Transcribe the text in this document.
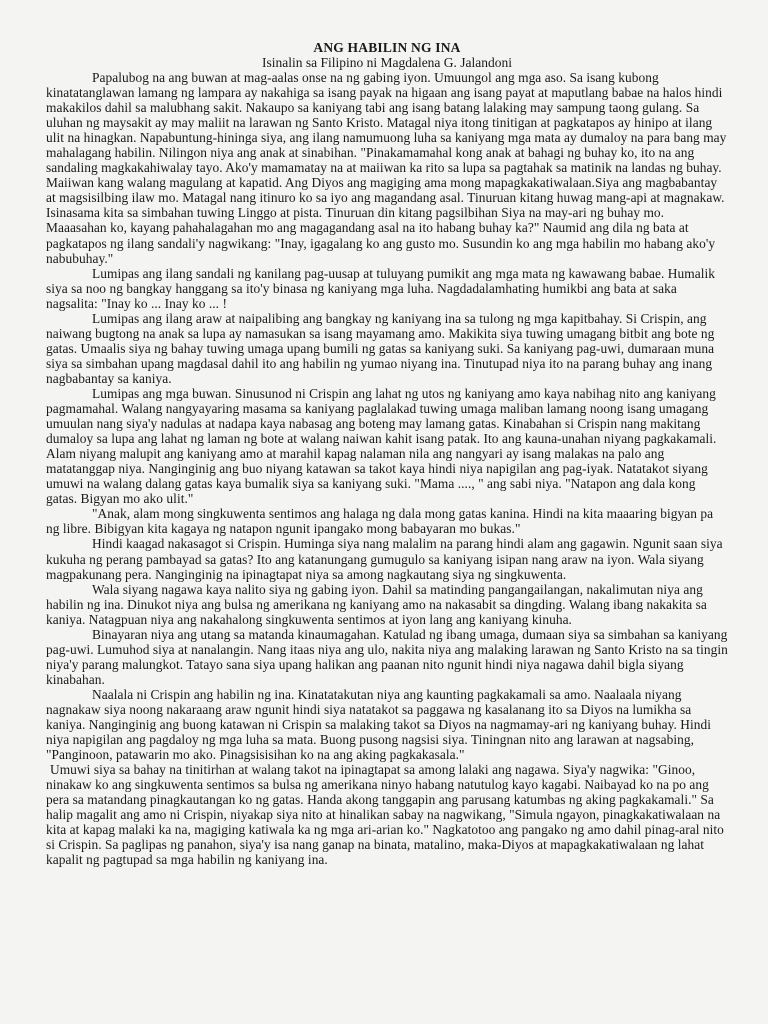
ANG HABILIN NG INA
Isinalin sa Filipino ni Magdalena G. Jalandoni

Papalubog na ang buwan at mag-aalas onse na ng gabing iyon. Umuungol ang mga aso. Sa isang kubong kinatatanglawan lamang ng lampara ay nakahiga sa isang payak na higaan ang isang payat at maputlang babae na halos hindi makakilos dahil sa malubhang sakit. Nakaupo sa kaniyang tabi ang isang batang lalaking may sampung taong gulang. Sa uluhan ng maysakit ay may maliit na larawan ng Santo Kristo. Matagal niya itong tinitigan at pagkatapos ay hinipo at ilang ulit na hinagkan. Napabuntung-hininga siya, ang ilang namumuong luha sa kaniyang mga mata ay dumaloy na para bang may mahalagang habilin. Nilingon niya ang anak at sinabihan. "Pinakamamahal kong anak at bahagi ng buhay ko, ito na ang sandaling magkakahiwalay tayo. Ako'y mamamatay na at maiiwan ka rito sa lupa sa pagtahak sa matinik na landas ng buhay. Maiiwan kang walang magulang at kapatid. Ang Diyos ang magiging ama mong mapagkakatiwalaan.Siya ang magbabantay at magsisilbing ilaw mo. Matagal nang itinuro ko sa iyo ang magandang asal. Tinuruan kitang huwag mang-api at magnakaw. Isinasama kita sa simbahan tuwing Linggo at pista. Tinuruan din kitang pagsilbihan Siya na may-ari ng buhay mo. Maaasahan ko, kayang pahahalagahan mo ang magagandang asal na ito habang buhay ka?" Naumid ang dila ng bata at pagkatapos ng ilang sandali'y nagwikang: "Inay, igagalang ko ang gusto mo. Susundin ko ang mga habilin mo habang ako'y nabubuhay."

Lumipas ang ilang sandali ng kanilang pag-uusap at tuluyang pumikit ang mga mata ng kawawang babae. Humalik siya sa noo ng bangkay hanggang sa ito'y binasa ng kaniyang mga luha. Nagdadalamhating humikbi ang bata at saka nagsalita: "Inay ko ... Inay ko ... !

Lumipas ang ilang araw at naipalibing ang bangkay ng kaniyang ina sa tulong ng mga kapitbahay. Si Crispin, ang naiwang bugtong na anak sa lupa ay namasukan sa isang mayamang amo. Makikita siya tuwing umagang bitbit ang bote ng gatas. Umaalis siya ng bahay tuwing umaga upang bumili ng gatas sa kaniyang suki. Sa kaniyang pag-uwi, dumaraan muna siya sa simbahan upang magdasal dahil ito ang habilin ng yumao niyang ina. Tinutupad niya ito na parang buhay ang inang nagbabantay sa kaniya.

Lumipas ang mga buwan. Sinusunod ni Crispin ang lahat ng utos ng kaniyang amo kaya nabihag nito ang kaniyang pagmamahal. Walang nangyayaring masama sa kaniyang paglalakad tuwing umaga maliban lamang noong isang umagang umuulan nang siya'y nadulas at nadapa kaya nabasag ang boteng may lamang gatas. Kinabahan si Crispin nang makitang dumaloy sa lupa ang lahat ng laman ng bote at walang naiwan kahit isang patak. Ito ang kauna-unahan niyang pagkakamali. Alam niyang malupit ang kaniyang amo at marahil kapag nalaman nila ang nangyari ay isang malakas na palo ang matatanggap niya. Nanginginig ang buo niyang katawan sa takot kaya hindi niya napigilan ang pag-iyak. Natatakot siyang umuwi na walang dalang gatas kaya bumalik siya sa kaniyang suki. "Mama ...., " ang sabi niya. "Natapon ang dala kong gatas. Bigyan mo ako ulit."

"Anak, alam mong singkuwenta sentimos ang halaga ng dala mong gatas kanina. Hindi na kita maaaring bigyan pa ng libre. Bibigyan kita kagaya ng natapon ngunit ipangako mong babayaran mo bukas."

Hindi kaagad nakasagot si Crispin. Huminga siya nang malalim na parang hindi alam ang gagawin. Ngunit saan siya kukuha ng perang pambayad sa gatas? Ito ang katanungang gumugulo sa kaniyang isipan nang araw na iyon. Wala siyang magpakunang pera. Nanginginig na ipinagtapat niya sa among nagkautang siya ng singkuwenta.

Wala siyang nagawa kaya nalito siya ng gabing iyon. Dahil sa matinding pangangailangan, nakalimutan niya ang habilin ng ina. Dinukot niya ang bulsa ng amerikana ng kaniyang amo na nakasabit sa dingding. Walang ibang nakakita sa kaniya. Natagpuan niya ang nakahalong singkuwenta sentimos at iyon lang ang kaniyang kinuha.

Binayaran niya ang utang sa matanda kinaumagahan. Katulad ng ibang umaga, dumaan siya sa simbahan sa kaniyang pag-uwi. Lumuhod siya at nanalangin. Nang itaas niya ang ulo, nakita niya ang malaking larawan ng Santo Kristo na sa tingin niya'y parang malungkot. Tatayo sana siya upang halikan ang paanan nito ngunit hindi niya nagawa dahil bigla siyang kinabahan.

Naalala ni Crispin ang habilin ng ina. Kinatatakutan niya ang kaunting pagkakamali sa amo. Naalaala niyang nagnakaw siya noong nakaraang araw ngunit hindi siya natatakot sa paggawa ng kasalanang ito sa Diyos na lumikha sa kaniya. Nanginginig ang buong katawan ni Crispin sa malaking takot sa Diyos na nagmamay-ari ng kaniyang buhay. Hindi niya napigilan ang pagdaloy ng mga luha sa mata. Buong pusong nagsisi siya. Tiningnan nito ang larawan at nagsabing, "Panginoon, patawarin mo ako. Pinagsisisihan ko na ang aking pagkakasala."

Umuwi siya sa bahay na tinitirhan at walang takot na ipinagtapat sa among lalaki ang nagawa. Siya'y nagwika: "Ginoo, ninakaw ko ang singkuwenta sentimos sa bulsa ng amerikana ninyo habang natutulog kayo kagabi. Naibayad ko na po ang pera sa matandang pinagkautangan ko ng gatas. Handa akong tanggapin ang parusang katumbas ng aking pagkakamali." Sa halip magalit ang amo ni Crispin, niyakap siya nito at hinalikan sabay na nagwikang, "Simula ngayon, pinagkakatiwalaan na kita at kapag malaki ka na, magiging katiwala ka ng mga ari-arian ko." Nagkatotoo ang pangako ng amo dahil pinag-aral nito si Crispin. Sa paglipas ng panahon, siya'y isa nang ganap na binata, matalino, maka-Diyos at mapagkakatiwalaan ng lahat kapalit ng pagtupad sa mga habilin ng kaniyang ina.
